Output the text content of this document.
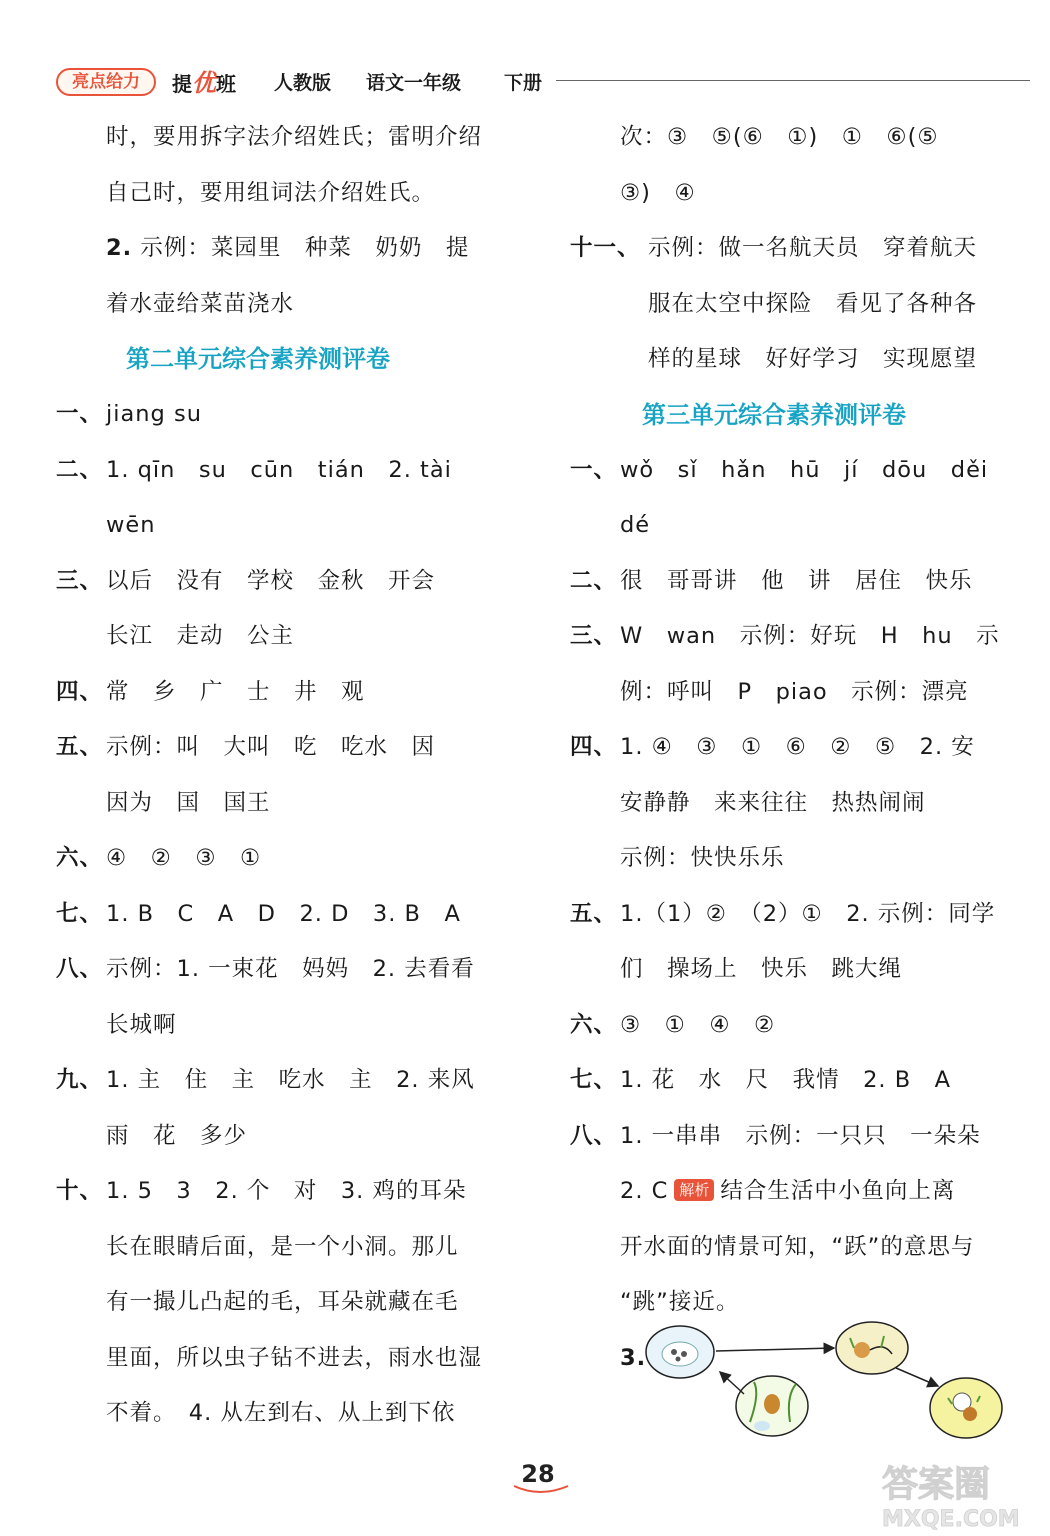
亮点给力	提优班 人教版 语文一年级 下册
时，要用拆字法介绍姓氏；雷明介绍
自己时，要用组词法介绍姓氏。
2. 示例：菜园里　种菜　奶奶　提
着水壶给菜苗浇水
第二单元综合素养测评卷
一、 jiang su
二、 1. qīn　su　cūn　tián　2. tài
wēn
三、 以后　没有　学校　金秋　开会
长江　走动　公主
四、 常　乡　广　士　井　观
五、 示例：叫　大叫　吃　吃水　因
因为　国　国王
六、 ④　②　③　①
七、 1. B　C　A　D　2. D　3. B　A
八、 示例：1. 一束花　妈妈　2. 去看看
长城啊
九、 1. 主　住　主　吃水　主　2. 来风
雨　花　多少
十、 1. 5　3　2. 个　对　3. 鸡的耳朵
长在眼睛后面，是一个小洞。那儿
有一撮儿凸起的毛，耳朵就藏在毛
里面，所以虫子钻不进去，雨水也湿
不着。　4. 从左到右、从上到下依
次：③　⑤(⑥　①)　①　⑥(⑤
③)　④
十一、 示例：做一名航天员　穿着航天
服在太空中探险　看见了各种各
样的星球　好好学习　实现愿望
第三单元综合素养测评卷
一、 wǒ　sǐ　hǎn　hū　jí　dōu　děi
dé
二、 很　哥哥讲　他　讲　居住　快乐
三、 W　wan　示例：好玩　H　hu　示
例：呼叫　P　piao　示例：漂亮
四、 1. ④　③　①　⑥　②　⑤　2. 安
安静静　来来往往　热热闹闹
示例：快快乐乐
五、 1.（1）②　（2）①　2. 示例：同学
们　操场上　快乐　跳大绳
六、 ③　①　④　②
七、 1. 花　水　尺　我情　2. B　A
八、 1. 一串串　示例：一只只　一朵朵
2. C 解析 结合生活中小鱼向上离
开水面的情景可知，“跃”的意思与
“跳”接近。
3.
28	答案圈
MXQE.COM
